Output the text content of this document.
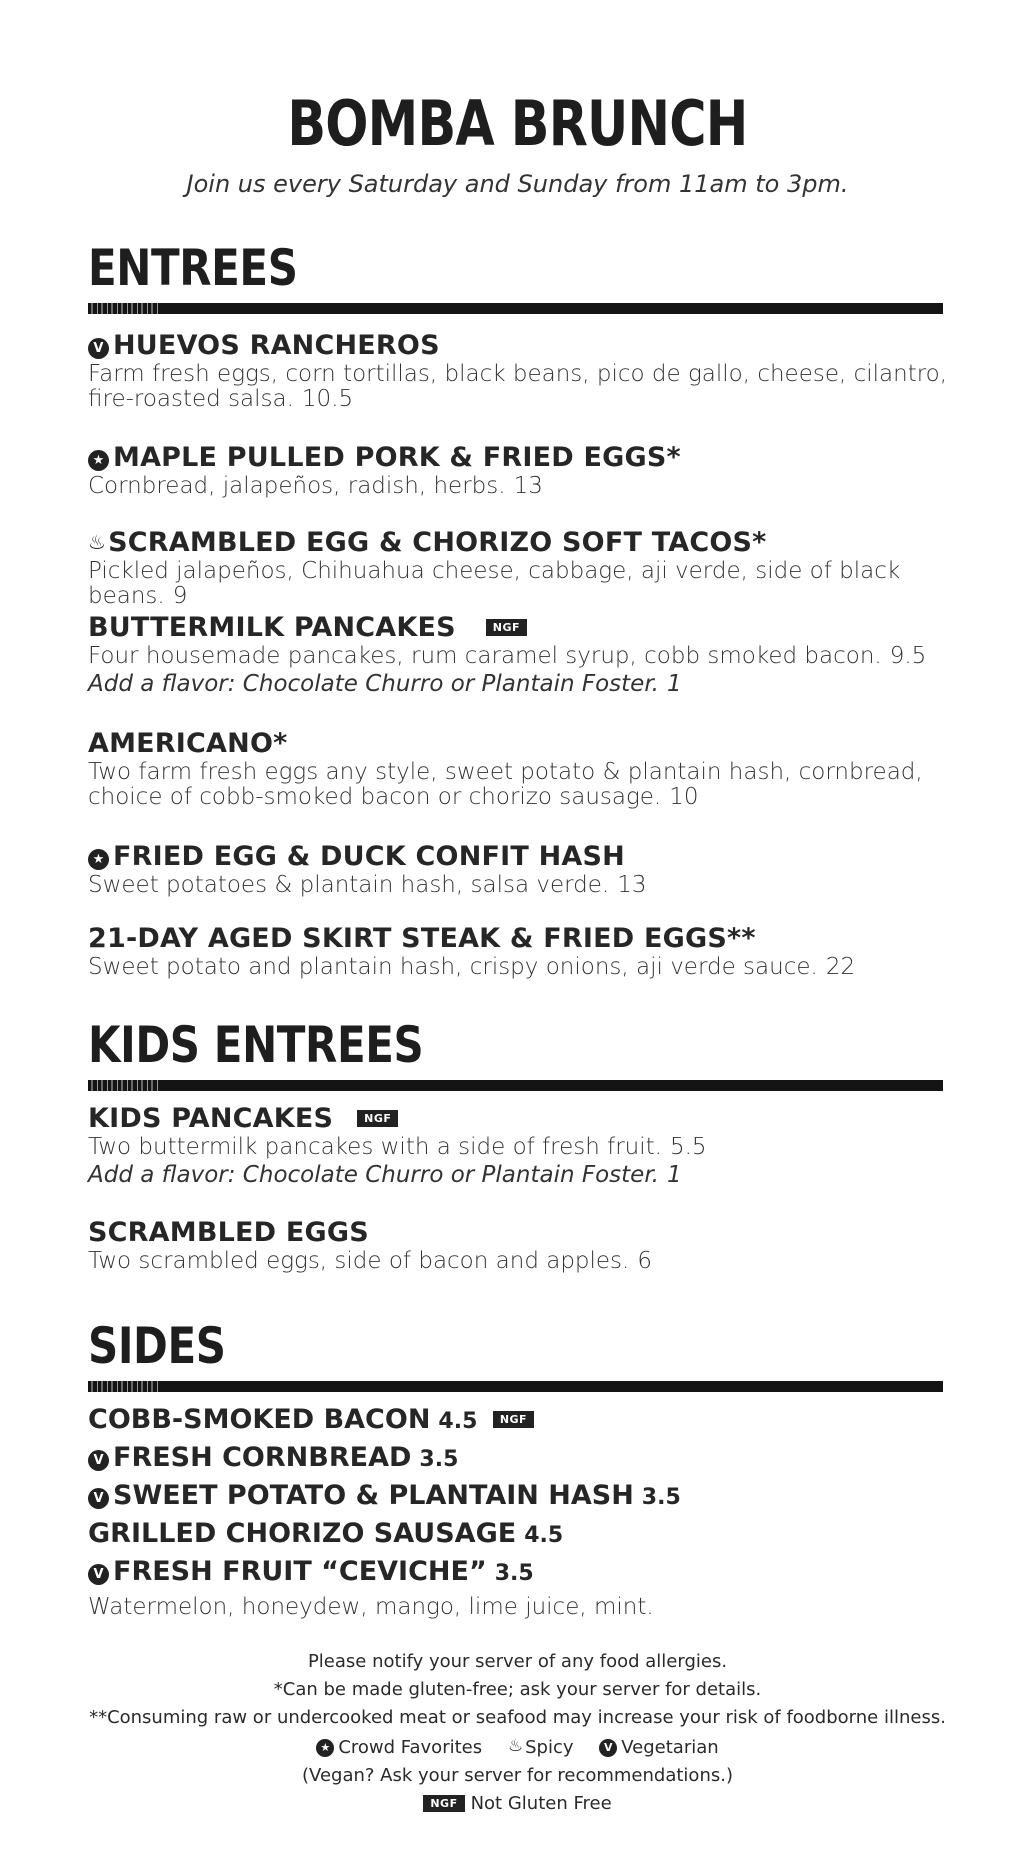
BOMBA BRUNCH
Join us every Saturday and Sunday from 11am to 3pm.
ENTREES
V HUEVOS RANCHEROS
Farm fresh eggs, corn tortillas, black beans, pico de gallo, cheese, cilantro, fire-roasted salsa. 10.5
★ MAPLE PULLED PORK & FRIED EGGS*
Cornbread, jalapeños, radish, herbs. 13
♨SCRAMBLED EGG & CHORIZO SOFT TACOS*
Pickled jalapeños, Chihuahua cheese, cabbage, aji verde, side of black beans. 9
BUTTERMILK PANCAKES	NGF
Four housemade pancakes, rum caramel syrup, cobb smoked bacon. 9.5
Add a flavor: Chocolate Churro or Plantain Foster. 1
AMERICANO*
Two farm fresh eggs any style, sweet potato & plantain hash, cornbread, choice of cobb-smoked bacon or chorizo sausage. 10
★ FRIED EGG & DUCK CONFIT HASH
Sweet potatoes & plantain hash, salsa verde. 13
21-DAY AGED SKIRT STEAK & FRIED EGGS**
Sweet potato and plantain hash, crispy onions, aji verde sauce. 22
KIDS ENTREES
KIDS PANCAKES	NGF
Two buttermilk pancakes with a side of fresh fruit. 5.5
Add a flavor: Chocolate Churro or Plantain Foster. 1
SCRAMBLED EGGS
Two scrambled eggs, side of bacon and apples. 6
SIDES
COBB-SMOKED BACON 4.5 NGF
V FRESH CORNBREAD 3.5
V SWEET POTATO & PLANTAIN HASH 3.5
GRILLED CHORIZO SAUSAGE 4.5
V FRESH FRUIT “CEVICHE” 3.5
Watermelon, honeydew, mango, lime juice, mint.
Please notify your server of any food allergies.
*Can be made gluten-free; ask your server for details.
**Consuming raw or undercooked meat or seafood may increase your risk of foodborne illness.
★ Crowd Favorites ♨ Spicy	V Vegetarian
(Vegan? Ask your server for recommendations.)
NGF Not Gluten Free
